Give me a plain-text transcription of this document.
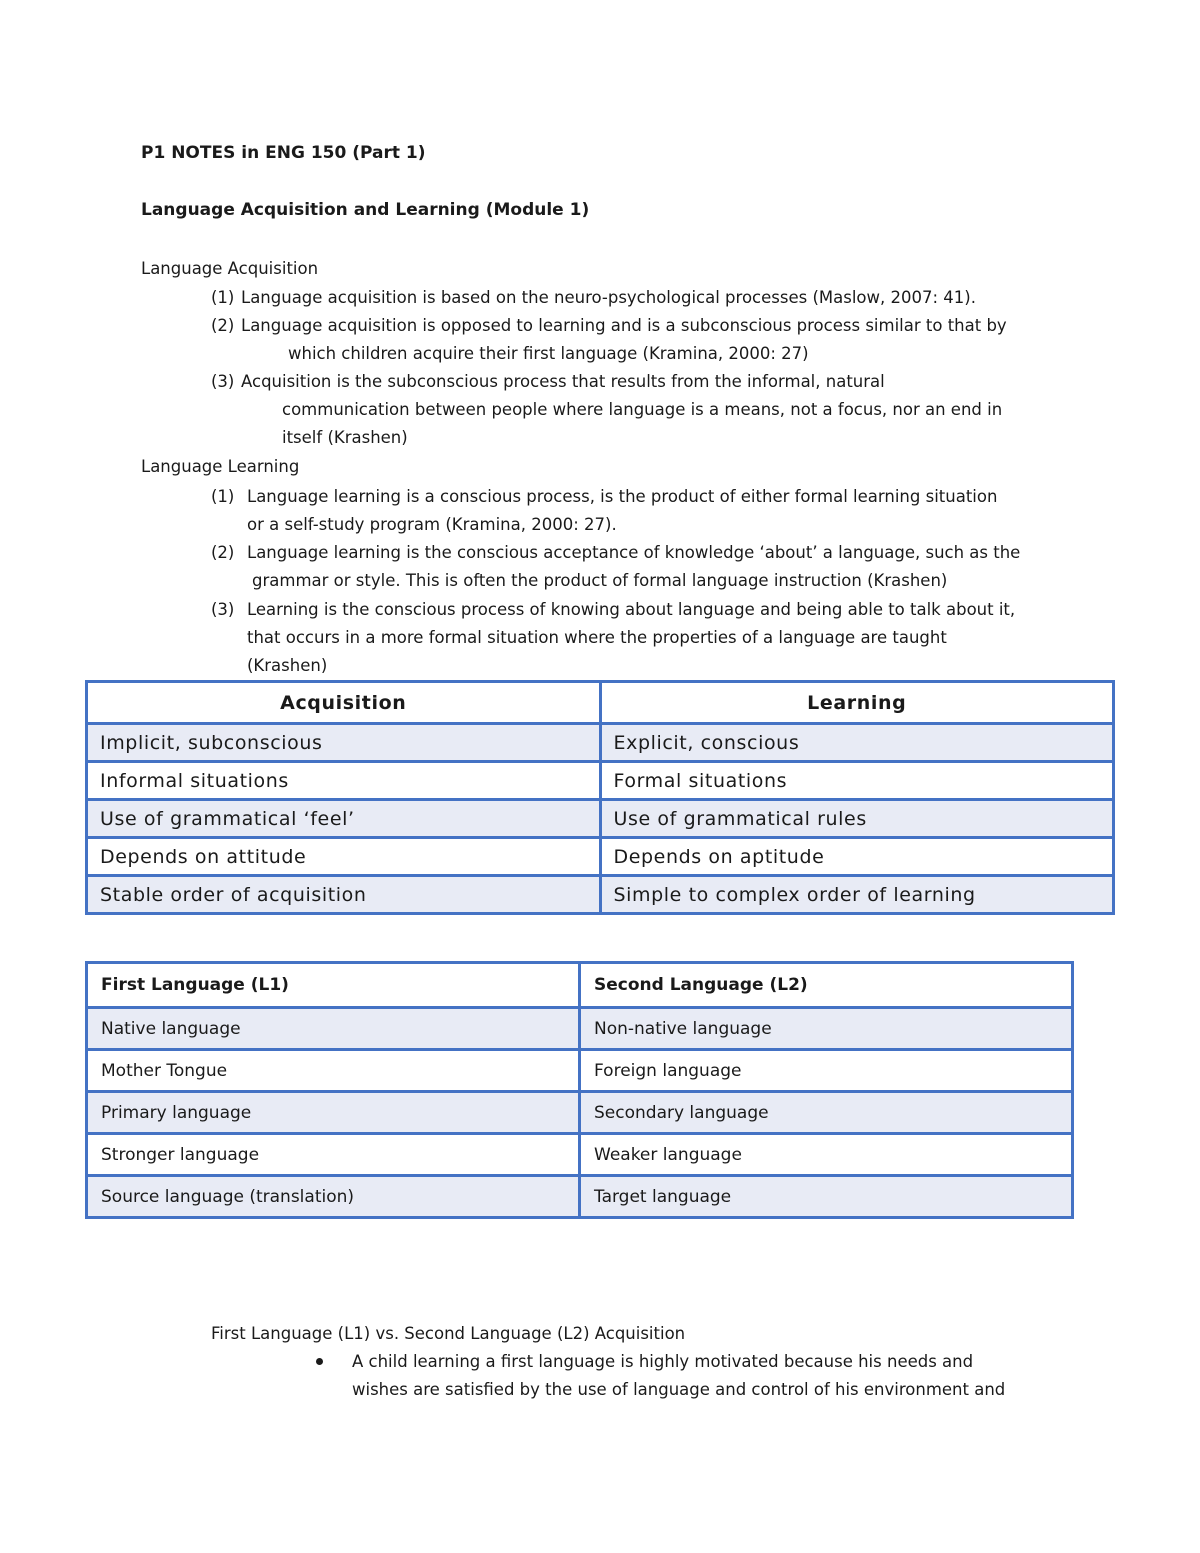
P1 NOTES in ENG 150 (Part 1)
Language Acquisition and Learning (Module 1)
Language Acquisition
(1) Language acquisition is based on the neuro-psychological processes (Maslow, 2007: 41).
(2) Language acquisition is opposed to learning and is a subconscious process similar to that by
which children acquire their first language (Kramina, 2000: 27)
(3) Acquisition is the subconscious process that results from the informal, natural
communication between people where language is a means, not a focus, nor an end in
itself (Krashen)
Language Learning
(1) Language learning is a conscious process, is the product of either formal learning situation
or a self-study program (Kramina, 2000: 27).
(2) Language learning is the conscious acceptance of knowledge ‘about’ a language, such as the
grammar or style. This is often the product of formal language instruction (Krashen)
(3) Learning is the conscious process of knowing about language and being able to talk about it,
that occurs in a more formal situation where the properties of a language are taught
(Krashen)
Acquisition	Learning
Implicit, subconscious	Explicit, conscious
Informal situations	Formal situations
Use of grammatical ‘feel’	Use of grammatical rules
Depends on attitude	Depends on aptitude
Stable order of acquisition	Simple to complex order of learning
First Language (L1)	Second Language (L2)
Native language	Non-native language
Mother Tongue	Foreign language
Primary language	Secondary language
Stronger language	Weaker language
Source language (translation)	Target language
First Language (L1) vs. Second Language (L2) Acquisition
A child learning a first language is highly motivated because his needs and
wishes are satisfied by the use of language and control of his environment and
